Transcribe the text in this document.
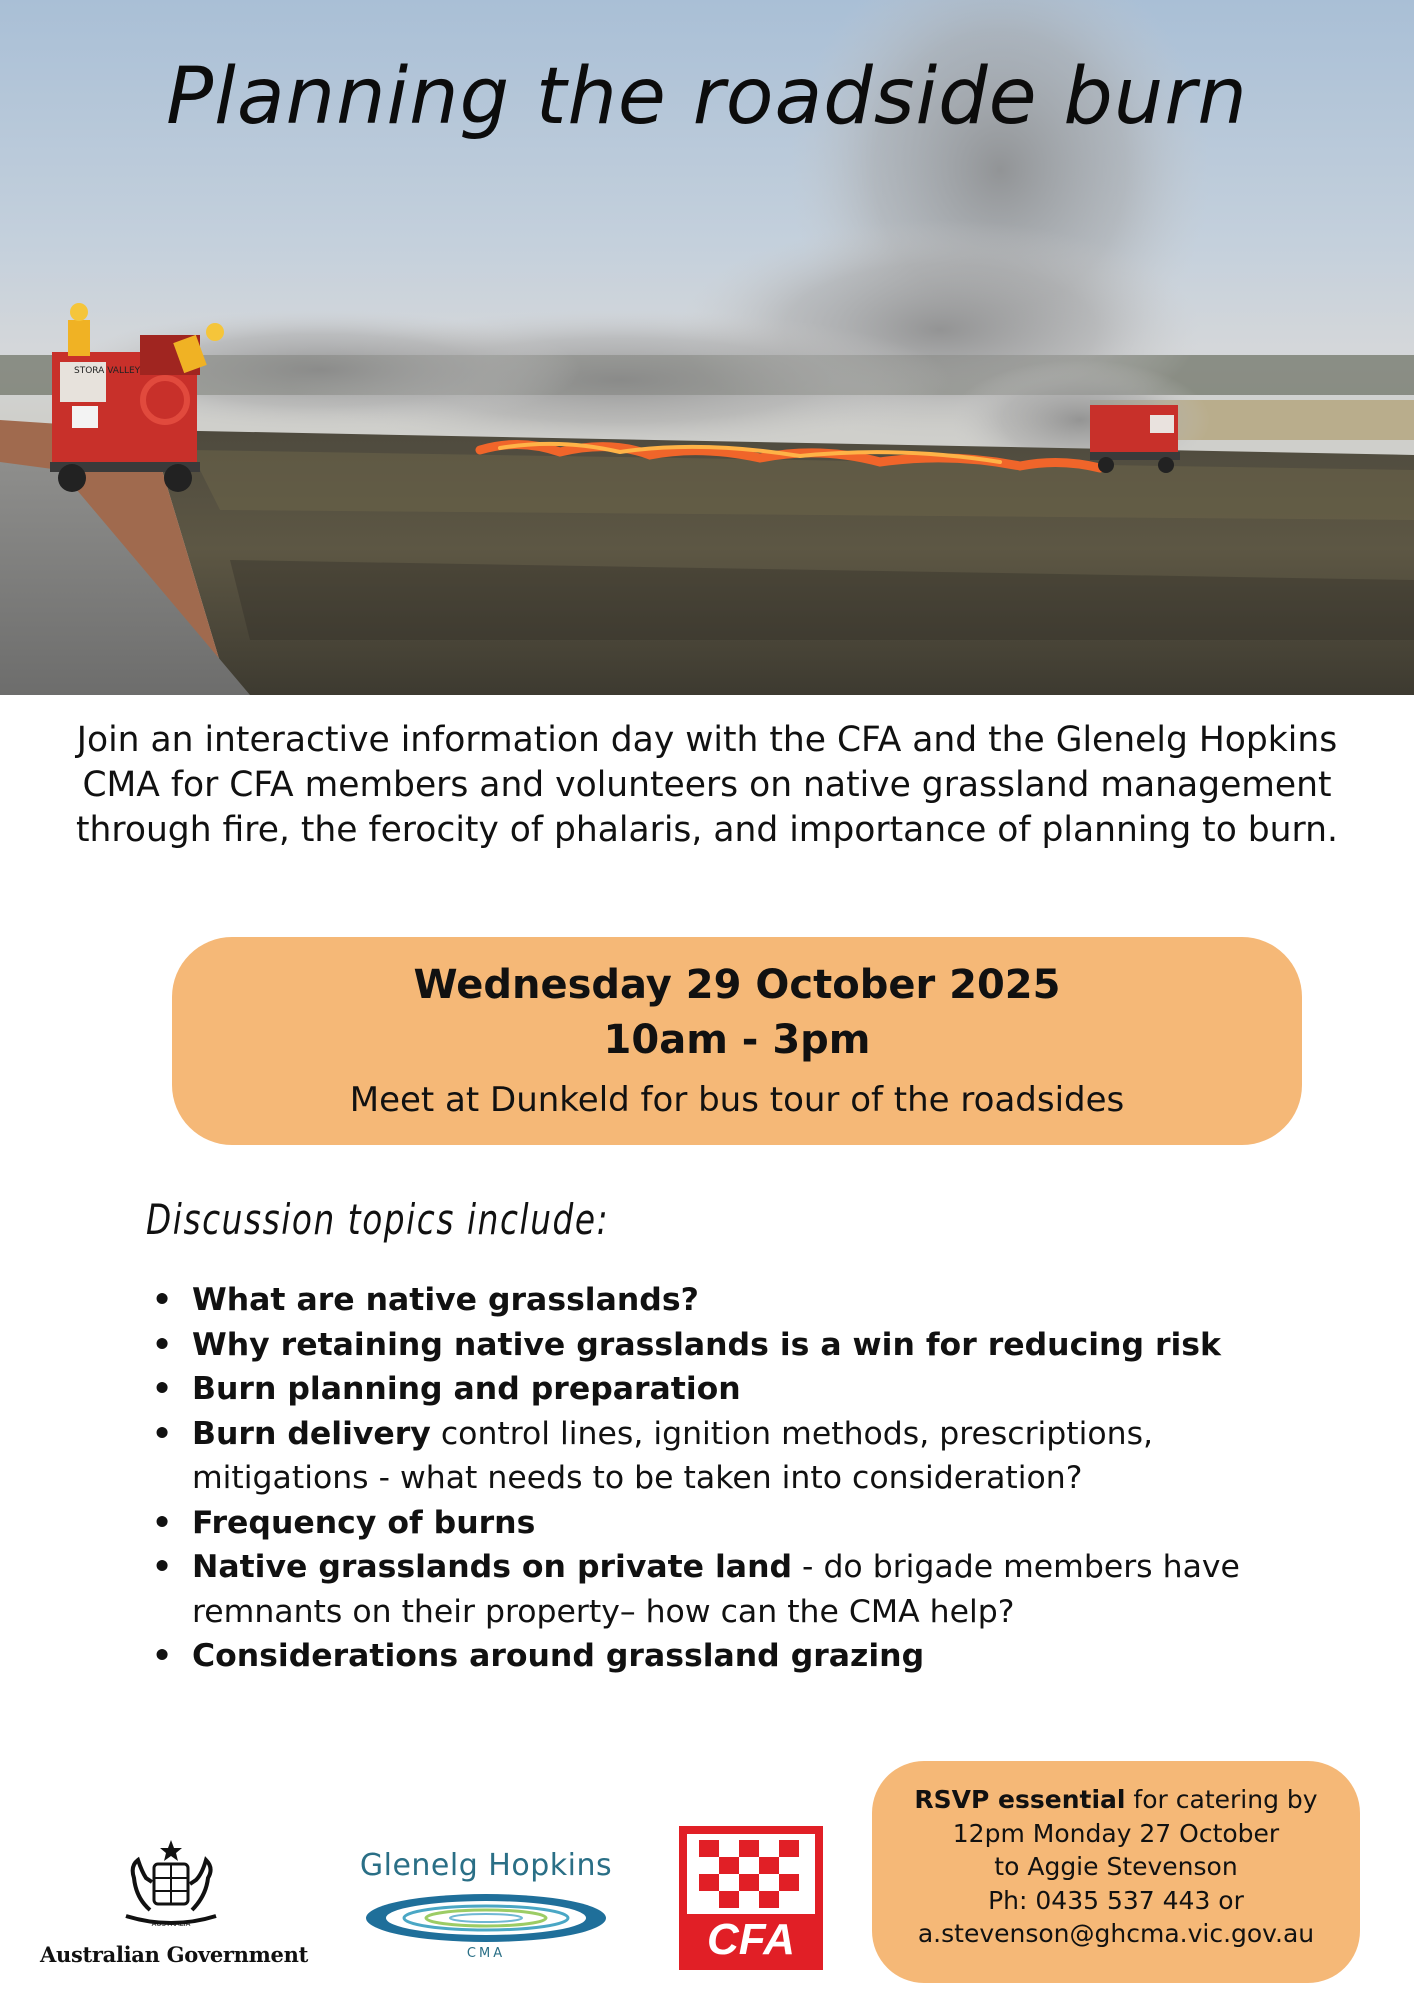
STORA VALLEY
Planning the roadside burn

Join an interactive information day with the CFA and the Glenelg Hopkins CMA for CFA members and volunteers on native grassland management through fire, the ferocity of phalaris, and importance of planning to burn.

Wednesday 29 October 2025
10am - 3pm
Meet at Dunkeld for bus tour of the roadsides
Discussion topics include:
• What are native grasslands?
• Why retaining native grasslands is a win for reducing risk
• Burn planning and preparation
• Burn delivery control lines, ignition methods, prescriptions, mitigations - what needs to be taken into consideration?
• Frequency of burns
• Native grasslands on private land - do brigade members have remnants on their property– how can the CMA help?
• Considerations around grassland grazing
AUSTRALIA
Australian Government
Glenelg Hopkins
CMA	CFA

RSVP essential for catering by

12pm Monday 27 October

to Aggie Stevenson

Ph: 0435 537 443 or

a.stevenson@ghcma.vic.gov.au
